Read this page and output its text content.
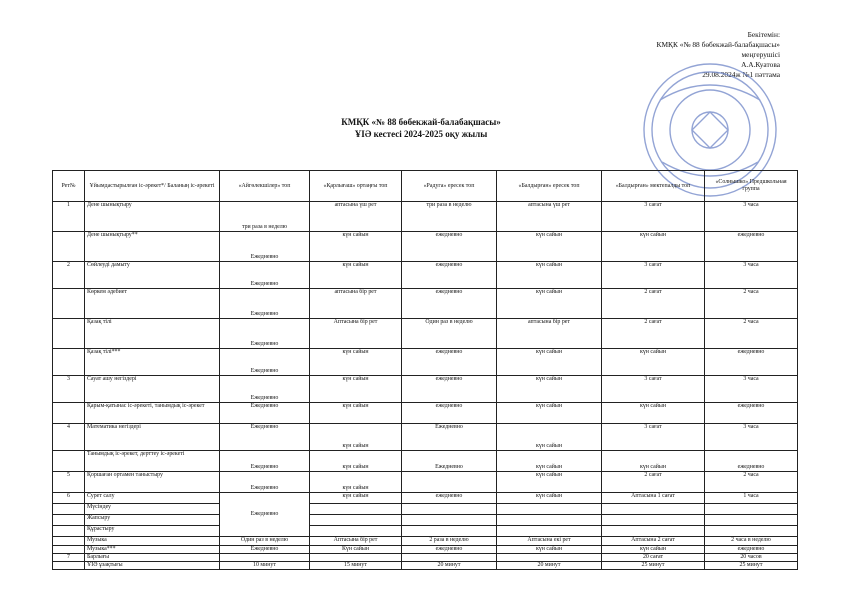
Бекітемін:
КМҚК «№ 88 бөбекжай-балабақшасы»
меңгерушісі
А.А.Куатова
29.08.2024ж №1 пәттама
КМҚК «№ 88 бөбекжай-балабақшасы»
ҰІӘ кестесі 2024-2025 оқу жылы
Рет№	Ұйымдастырылған іс-әрекет*/ Баланың іс-әрекеті	«Айгөлекшілер» топ	«Қарлығаш» ортаңғы топ	«Радуга» ересек топ	«Балдырған» ересек топ	«Балдырған» мектепалды топ	«Солнышко» Предшкольная группа
1	Дене шынықтыру	три раза в неделю	аптасына үш рет	три раза в неделю	аптасына үш рет	3 сағат	3 часа
	Дене шынықтыру**	Ежедневно	күн сайын	ежедневно	күн сайын	күн сайын	ежедневно
2	Сөйлеуді дамыту	Ежедневно	күн сайын	ежедневно	күн сайын	3 сағат	3 часа
	Көркем әдебиет	Ежедневно	аптасына бір рет	ежедневно	күн сайын	2 сағат	2 часа
	Қазақ тілі	Ежедневно	Аптасына бір рет	Один раз в неделю	аптасына бір рет	2 сағат	2 часа
	Қазақ тілі***	Ежедневно	күн сайын	ежедневно	күн сайын	күн сайын	ежедневно
3	Сауат ашу негіздері	Ежедневно	күн сайын	ежедневно	күн сайын	3 сағат	3 часа
	Қарым-қатынас іс-әрекеті, танымдық іс-әрекет	Ежедневно	күн сайын	ежедневно	күн сайын	күн сайын	ежедневно
4	Математика негіздері	Ежедневно	күн сайын	Ежедневно	күн сайын	3 сағат	3 часа
	Танымдық іс-әрекет, дерттеу іс-әрекеті	Ежедневно	күн сайын	Ежедневно	күн сайын	күн сайын	ежедневно
5	Қоршаған ортамен таныстыру	Ежедневно	күн сайын		күн сайын	2 сағат	2 часа
6	Сурет салу	Ежедневно	күн сайын	ежедневно	күн сайын	Аптасына 1 сағат	1 часа
	Мүсіндеу						
	Жапсыру						
	Құрастыру						
	Музыка	Один раз в неделю	Аптасына бір рет	2 раза в неделю	Аптасына екі рет	Аптасына 2 сағат	2 часа в неделю
	Музыка***	Ежедневно	Күн сайын	ежедневно	күн сайын	күн сайын	ежедневно
7	Барлығы					20 сағат	20 часов
	ҰІӘ ұзақтығы	10 минут	15 минут	20 минут	20 минут	25 минут	25 минут
